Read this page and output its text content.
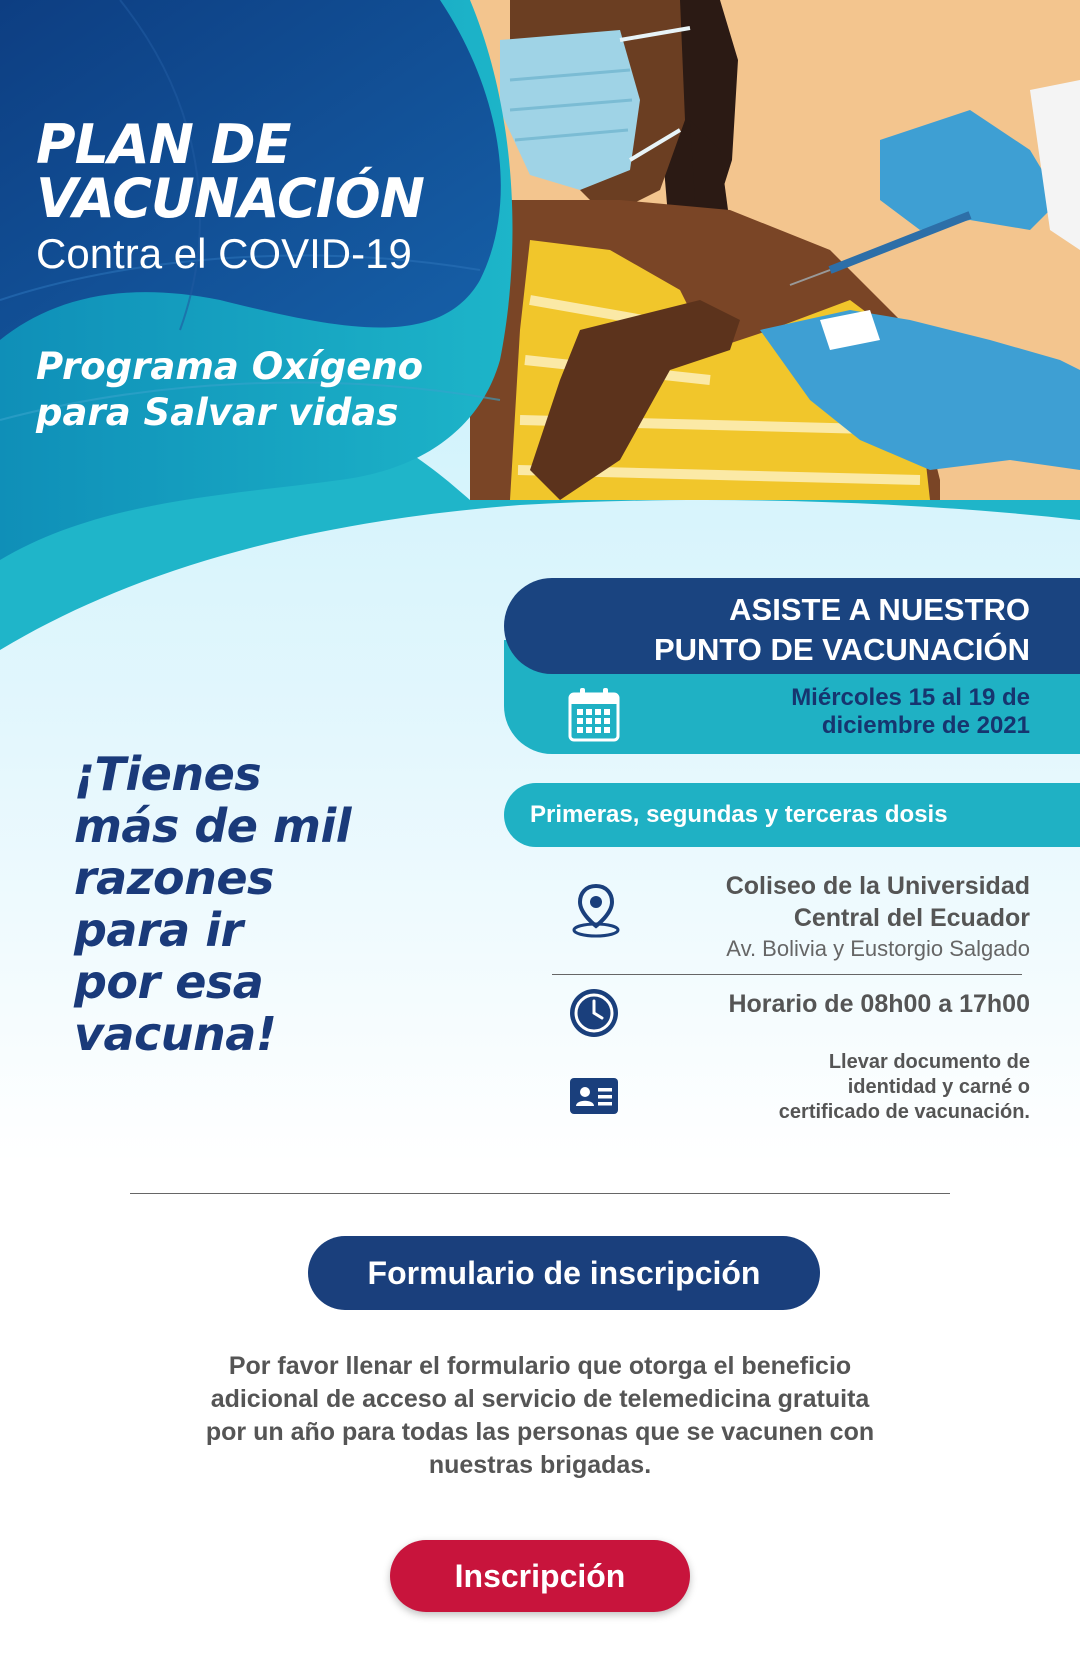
PLAN DE
VACUNACIÓN
Contra el COVID-19
Programa Oxígeno
para Salvar vidas
¡Tienes
más de mil
razones
para ir
por esa
vacuna!
ASISTE A NUESTRO
PUNTO DE VACUNACIÓN
Miércoles 15 al 19 de
diciembre de 2021
Primeras, segundas y terceras dosis
Coliseo de la Universidad
Central del Ecuador
Av. Bolivia y Eustorgio Salgado
Horario de 08h00 a 17h00
Llevar documento de
identidad y carné o
certificado de vacunación.
Formulario de inscripción
Por favor llenar el formulario que otorga el beneficio
adicional de acceso al servicio de telemedicina gratuita
por un año para todas las personas que se vacunen con
nuestras brigadas.
Inscripción
